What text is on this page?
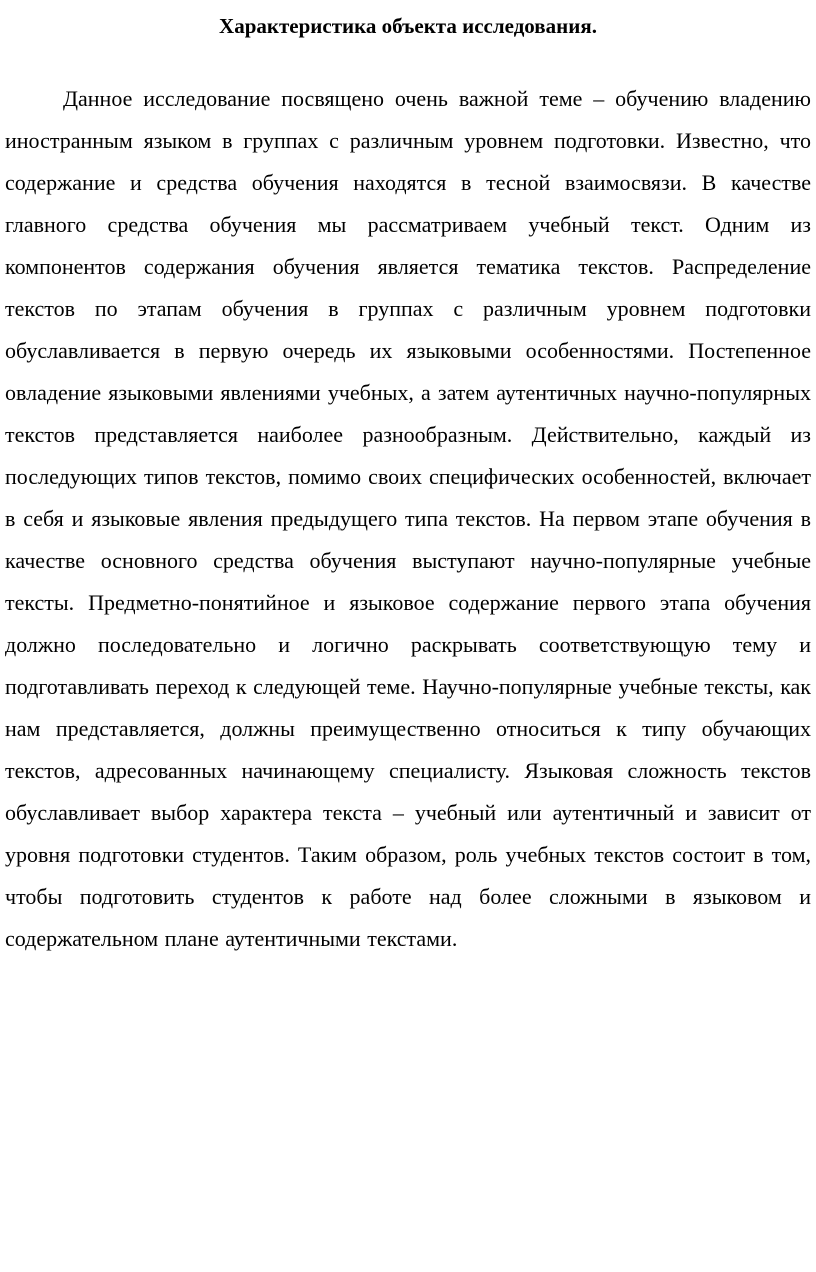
Характеристика объекта исследования.

Данное исследование посвящено очень важной теме – обучению владению иностранным языком в группах с различным уровнем подготовки. Известно, что содержание и средства обучения находятся в тесной взаимосвязи. В качестве главного средства обучения мы рассматриваем учебный текст. Одним из компонентов содержания обучения является тематика текстов. Распределение текстов по этапам обучения в группах с различным уровнем подготовки обуславливается в первую очередь их языковыми особенностями. Постепенное овладение языковыми явлениями учебных, а затем аутентичных научно-популярных текстов представляется наиболее разнообразным. Действительно, каждый из последующих типов текстов, помимо своих специфических особенностей, включает в себя и языковые явления предыдущего типа текстов. На первом этапе обучения в качестве основного средства обучения выступают научно-популярные учебные тексты. Предметно-понятийное и языковое содержание первого этапа обучения должно последовательно и логично раскрывать соответствующую тему и подготавливать переход к следующей теме. Научно-популярные учебные тексты, как нам представляется, должны преимущественно относиться к типу обучающих текстов, адресованных начинающему специалисту. Языковая сложность текстов обуславливает выбор характера текста – учебный или аутентичный и зависит от уровня подготовки студентов. Таким образом, роль учебных текстов состоит в том, чтобы подготовить студентов к работе над более сложными в языковом и содержательном плане аутентичными текстами.
